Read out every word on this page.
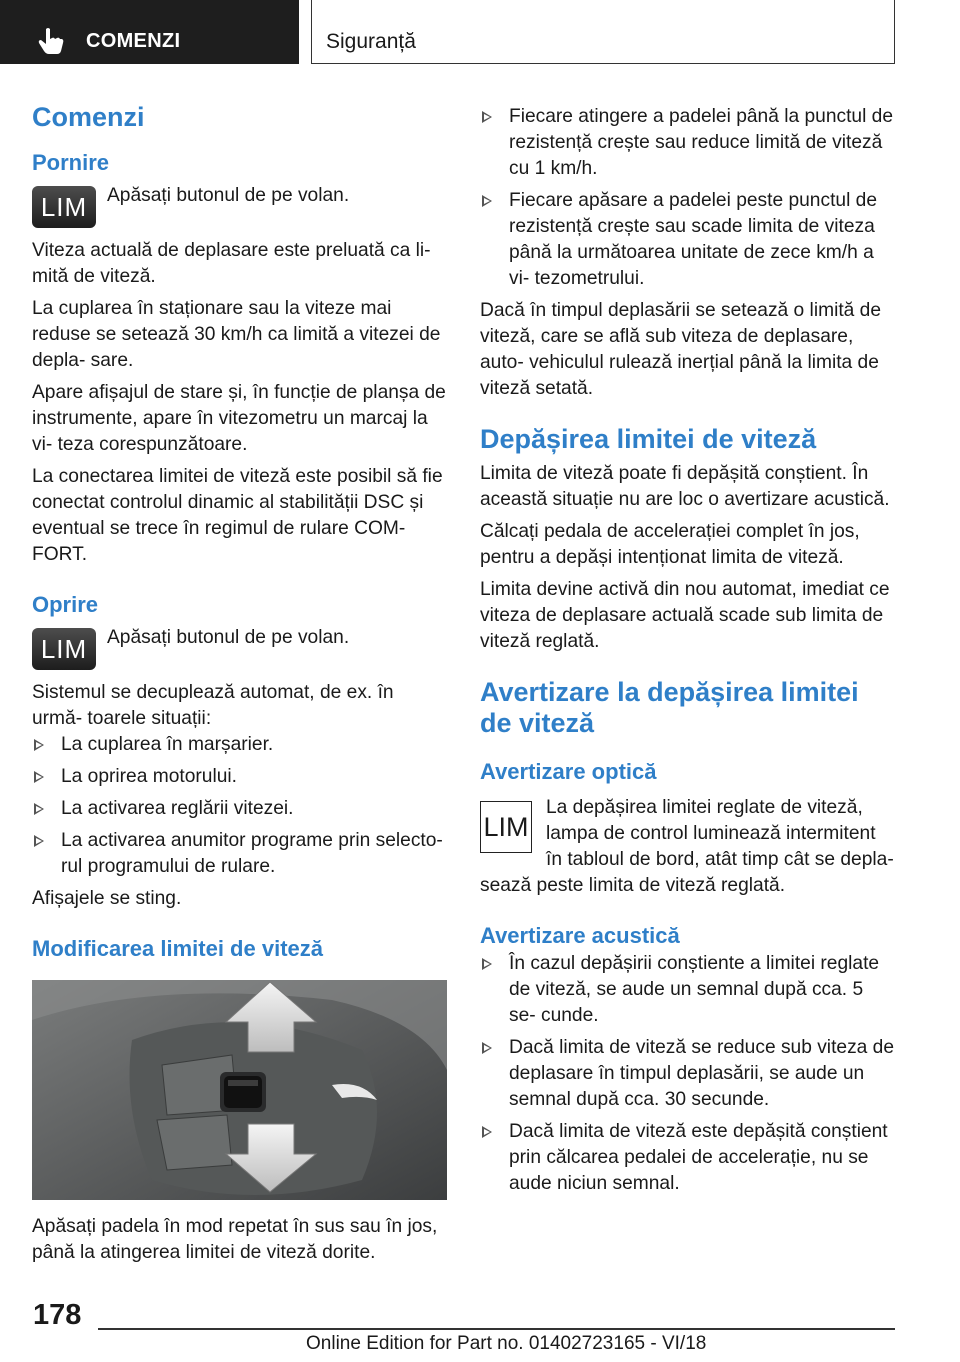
COMENZI	Siguranță
Comenzi
Pornire
LIM	Apăsați butonul de pe volan.

Viteza actuală de deplasare este preluată ca li‐ mită de viteză.

La cuplarea în staționare sau la viteze mai reduse se setează 30 km/h ca limită a vitezei de depla‐ sare.

Apare afișajul de stare și, în funcție de planșa de instrumente, apare în vitezometru un marcaj la vi‐ teza corespunzătoare.

La conectarea limitei de viteză este posibil să fie conectat controlul dinamic al stabilității DSC și eventual se trece în regimul de rulare COM‐ FORT.

Oprire
LIM	Apăsați butonul de pe volan.

Sistemul se decuplează automat, de ex. în urmă‐ toarele situații:

La cuplarea în marșarier.
La oprirea motorului.
La activarea reglării vitezei.
La activarea anumitor programe prin selecto‐ rul programului de rulare.

Afișajele se sting.

Modificarea limitei de viteză

Apăsați padela în mod repetat în sus sau în jos, până la atingerea limitei de viteză dorite.

Fiecare atingere a padelei până la punctul de rezistență crește sau reduce limită de viteză cu 1 km/h.
Fiecare apăsare a padelei peste punctul de rezistență crește sau scade limita de viteza până la următoarea unitate de zece km/h a vi‐ tezometrului.

Dacă în timpul deplasării se setează o limită de viteză, care se află sub viteza de deplasare, auto‐ vehiculul rulează inerțial până la limita de viteză setată.

Depășirea limitei de viteză

Limita de viteză poate fi depășită conștient. În această situație nu are loc o avertizare acustică.

Călcați pedala de accelerației complet în jos, pentru a depăși intenționat limita de viteză.

Limita devine activă din nou automat, imediat ce viteza de deplasare actuală scade sub limita de viteză reglată.

Avertizare la depășirea limitei de viteză
Avertizare optică
LIM

La depășirea limitei reglate de viteză, lampa de control luminează intermitent în tabloul de bord, atât timp cât se depla‐ sează peste limita de viteză reglată.

Avertizare acustică
În cazul depășirii conștiente a limitei reglate de viteză, se aude un semnal după cca. 5 se‐ cunde.
Dacă limita de viteză se reduce sub viteza de deplasare în timpul deplasării, se aude un semnal după cca. 30 secunde.
Dacă limita de viteză este depășită conștient prin călcarea pedalei de accelerație, nu se aude niciun semnal.
178
Online Edition for Part no. 01402723165 - VI/18
